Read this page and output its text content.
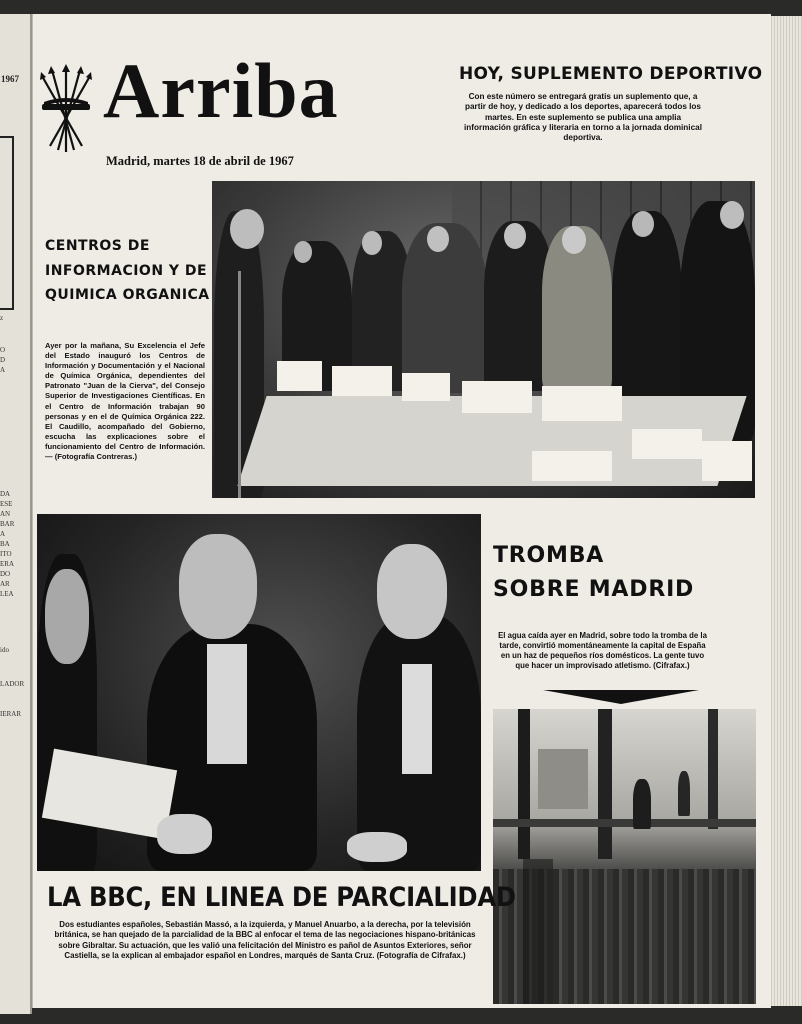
1967
z
O
D
A
DA
ESE
AN
BAR
A
BA
ITO
ERA
DO
AR
LEA
ido
LADOR
IERAR
Arriba
Madrid, martes 18 de abril de 1967
HOY, SUPLEMENTO DEPORTIVO
Con este número se entregará gratis un suplemento que, a partir de hoy, y dedicado a los deportes, aparecerá todos los martes. En este suplemento se publica una amplia información gráfica y literaria en torno a la jornada dominical deportiva.
CENTROS DE
INFORMACION Y DE
QUIMICA ORGANICA
Ayer por la mañana, Su Excelencia el Jefe del Estado inauguró los Centros de Información y Documentación y el Nacional de Química Orgánica, dependientes del Patronato "Juan de la Cierva", del Consejo Superior de Investigaciones Científicas. En el Centro de Información trabajan 90 personas y en el de Química Orgánica 222. El Caudillo, acompañado del Gobierno, escucha las explicaciones sobre el funcionamiento del Centro de Información. — (Fotografía Contreras.)
TROMBA
SOBRE MADRID
El agua caída ayer en Madrid, sobre todo la tromba de la tarde, convirtió momentáneamente la capital de España en un haz de pequeños ríos domésticos. La gente tuvo que hacer un improvisado atletismo. (Cifrafax.)
LA BBC, EN LINEA DE PARCIALIDAD
Dos estudiantes españoles, Sebastián Massó, a la izquierda, y Manuel Anuarbo, a la derecha, por la televisión británica, se han quejado de la parcialidad de la BBC al enfocar el tema de las negociaciones hispano-británicas sobre Gibraltar. Su actuación, que les valió una felicitación del Ministro es pañol de Asuntos Exteriores, señor Castiella, se la explican al embajador español en Londres, marqués de Santa Cruz. (Fotografía de Cifrafax.)
